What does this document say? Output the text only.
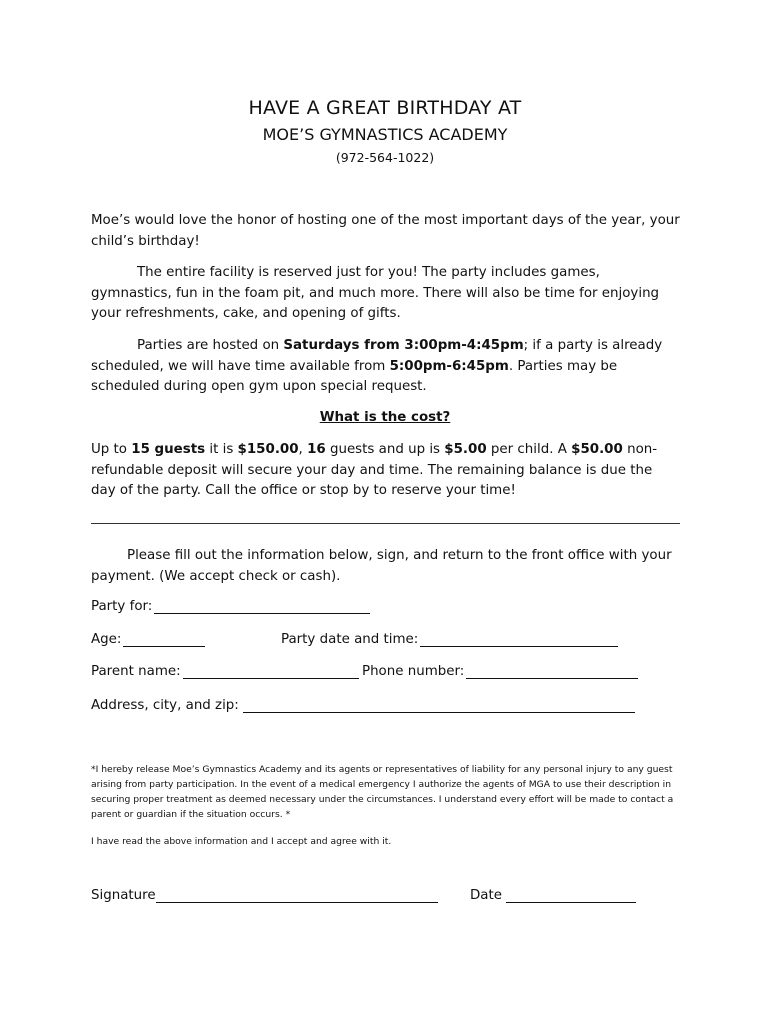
HAVE A GREAT BIRTHDAY AT
MOE’S GYMNASTICS ACADEMY
(972-564-1022)
Moe’s would love the honor of hosting one of the most important days of the year, your child’s birthday!
The entire facility is reserved just for you! The party includes games, gymnastics, fun in the foam pit, and much more. There will also be time for enjoying your refreshments, cake, and opening of gifts.
Parties are hosted on Saturdays from 3:00pm-4:45pm; if a party is already scheduled, we will have time available from 5:00pm-6:45pm. Parties may be scheduled during open gym upon special request.
What is the cost?
Up to 15 guests it is $150.00, 16 guests and up is $5.00 per child. A $50.00 non-refundable deposit will secure your day and time. The remaining balance is due the day of the party. Call the office or stop by to reserve your time!
Please fill out the information below, sign, and return to the front office with your payment. (We accept check or cash).
Party for:
Age:	Party date and time:
Parent name:	Phone number:
Address, city, and zip:
*I hereby release Moe’s Gymnastics Academy and its agents or representatives of liability for any personal injury to any guest arising from party participation. In the event of a medical emergency I authorize the agents of MGA to use their description in securing proper treatment as deemed necessary under the circumstances. I understand every effort will be made to contact a parent or guardian if the situation occurs. *
I have read the above information and I accept and agree with it.
Signature	Date
